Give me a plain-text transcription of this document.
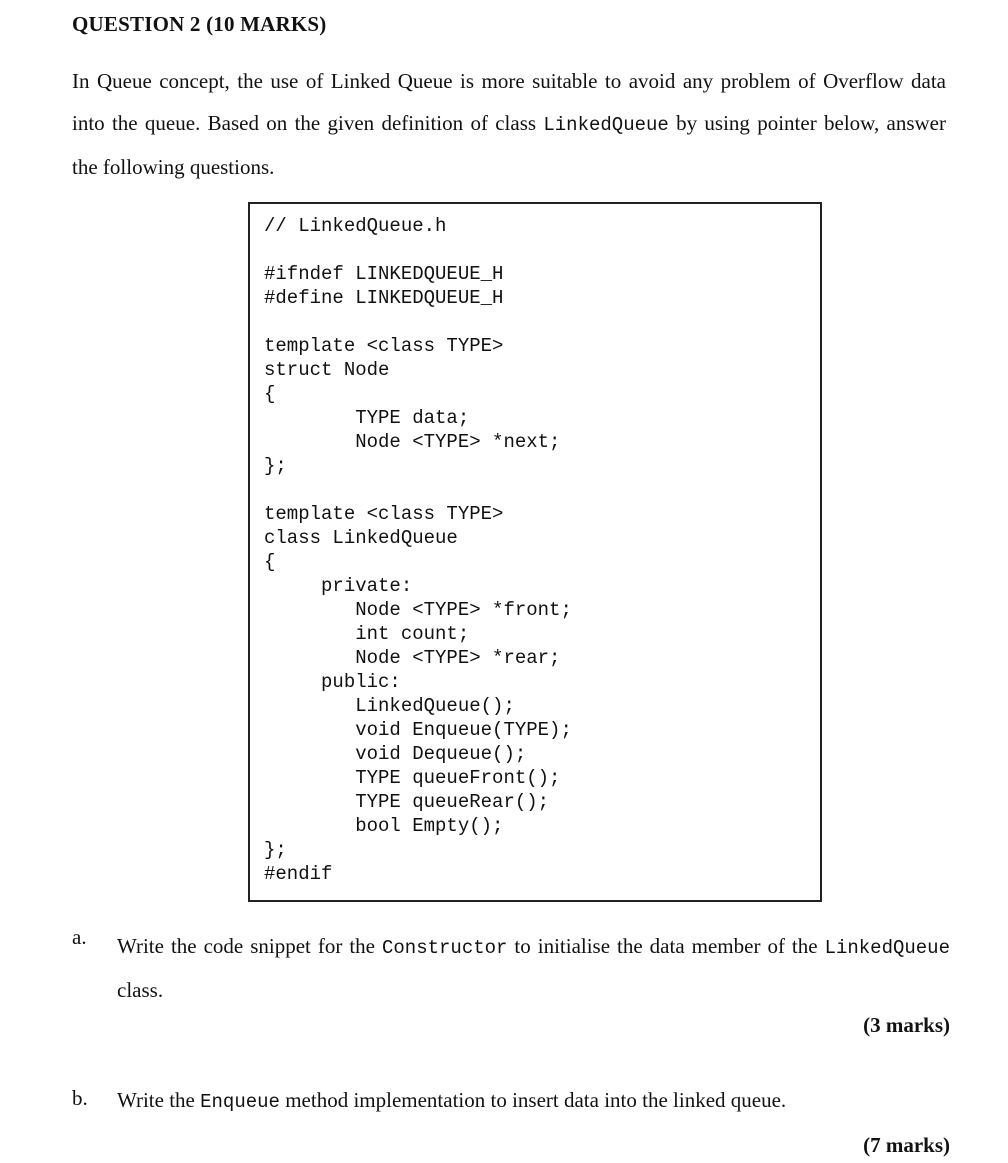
QUESTION 2 (10 MARKS)
In Queue concept, the use of Linked Queue is more suitable to avoid any problem of Overflow data into the queue. Based on the given definition of class LinkedQueue by using pointer below, answer the following questions.
// LinkedQueue.h

#ifndef LINKEDQUEUE_H
#define LINKEDQUEUE_H

template <class TYPE>
struct Node
{
TYPE data;
Node <TYPE> *next;
};

template <class TYPE>
class LinkedQueue
{
private:
Node <TYPE> *front;
int count;
Node <TYPE> *rear;
public:
LinkedQueue();
void Enqueue(TYPE);
void Dequeue();
TYPE queueFront();
TYPE queueRear();
bool Empty();
};
#endif
a. Write the code snippet for the Constructor to initialise the data member of the LinkedQueue class.
(3 marks)
b. Write the Enqueue method implementation to insert data into the linked queue.
(7 marks)
